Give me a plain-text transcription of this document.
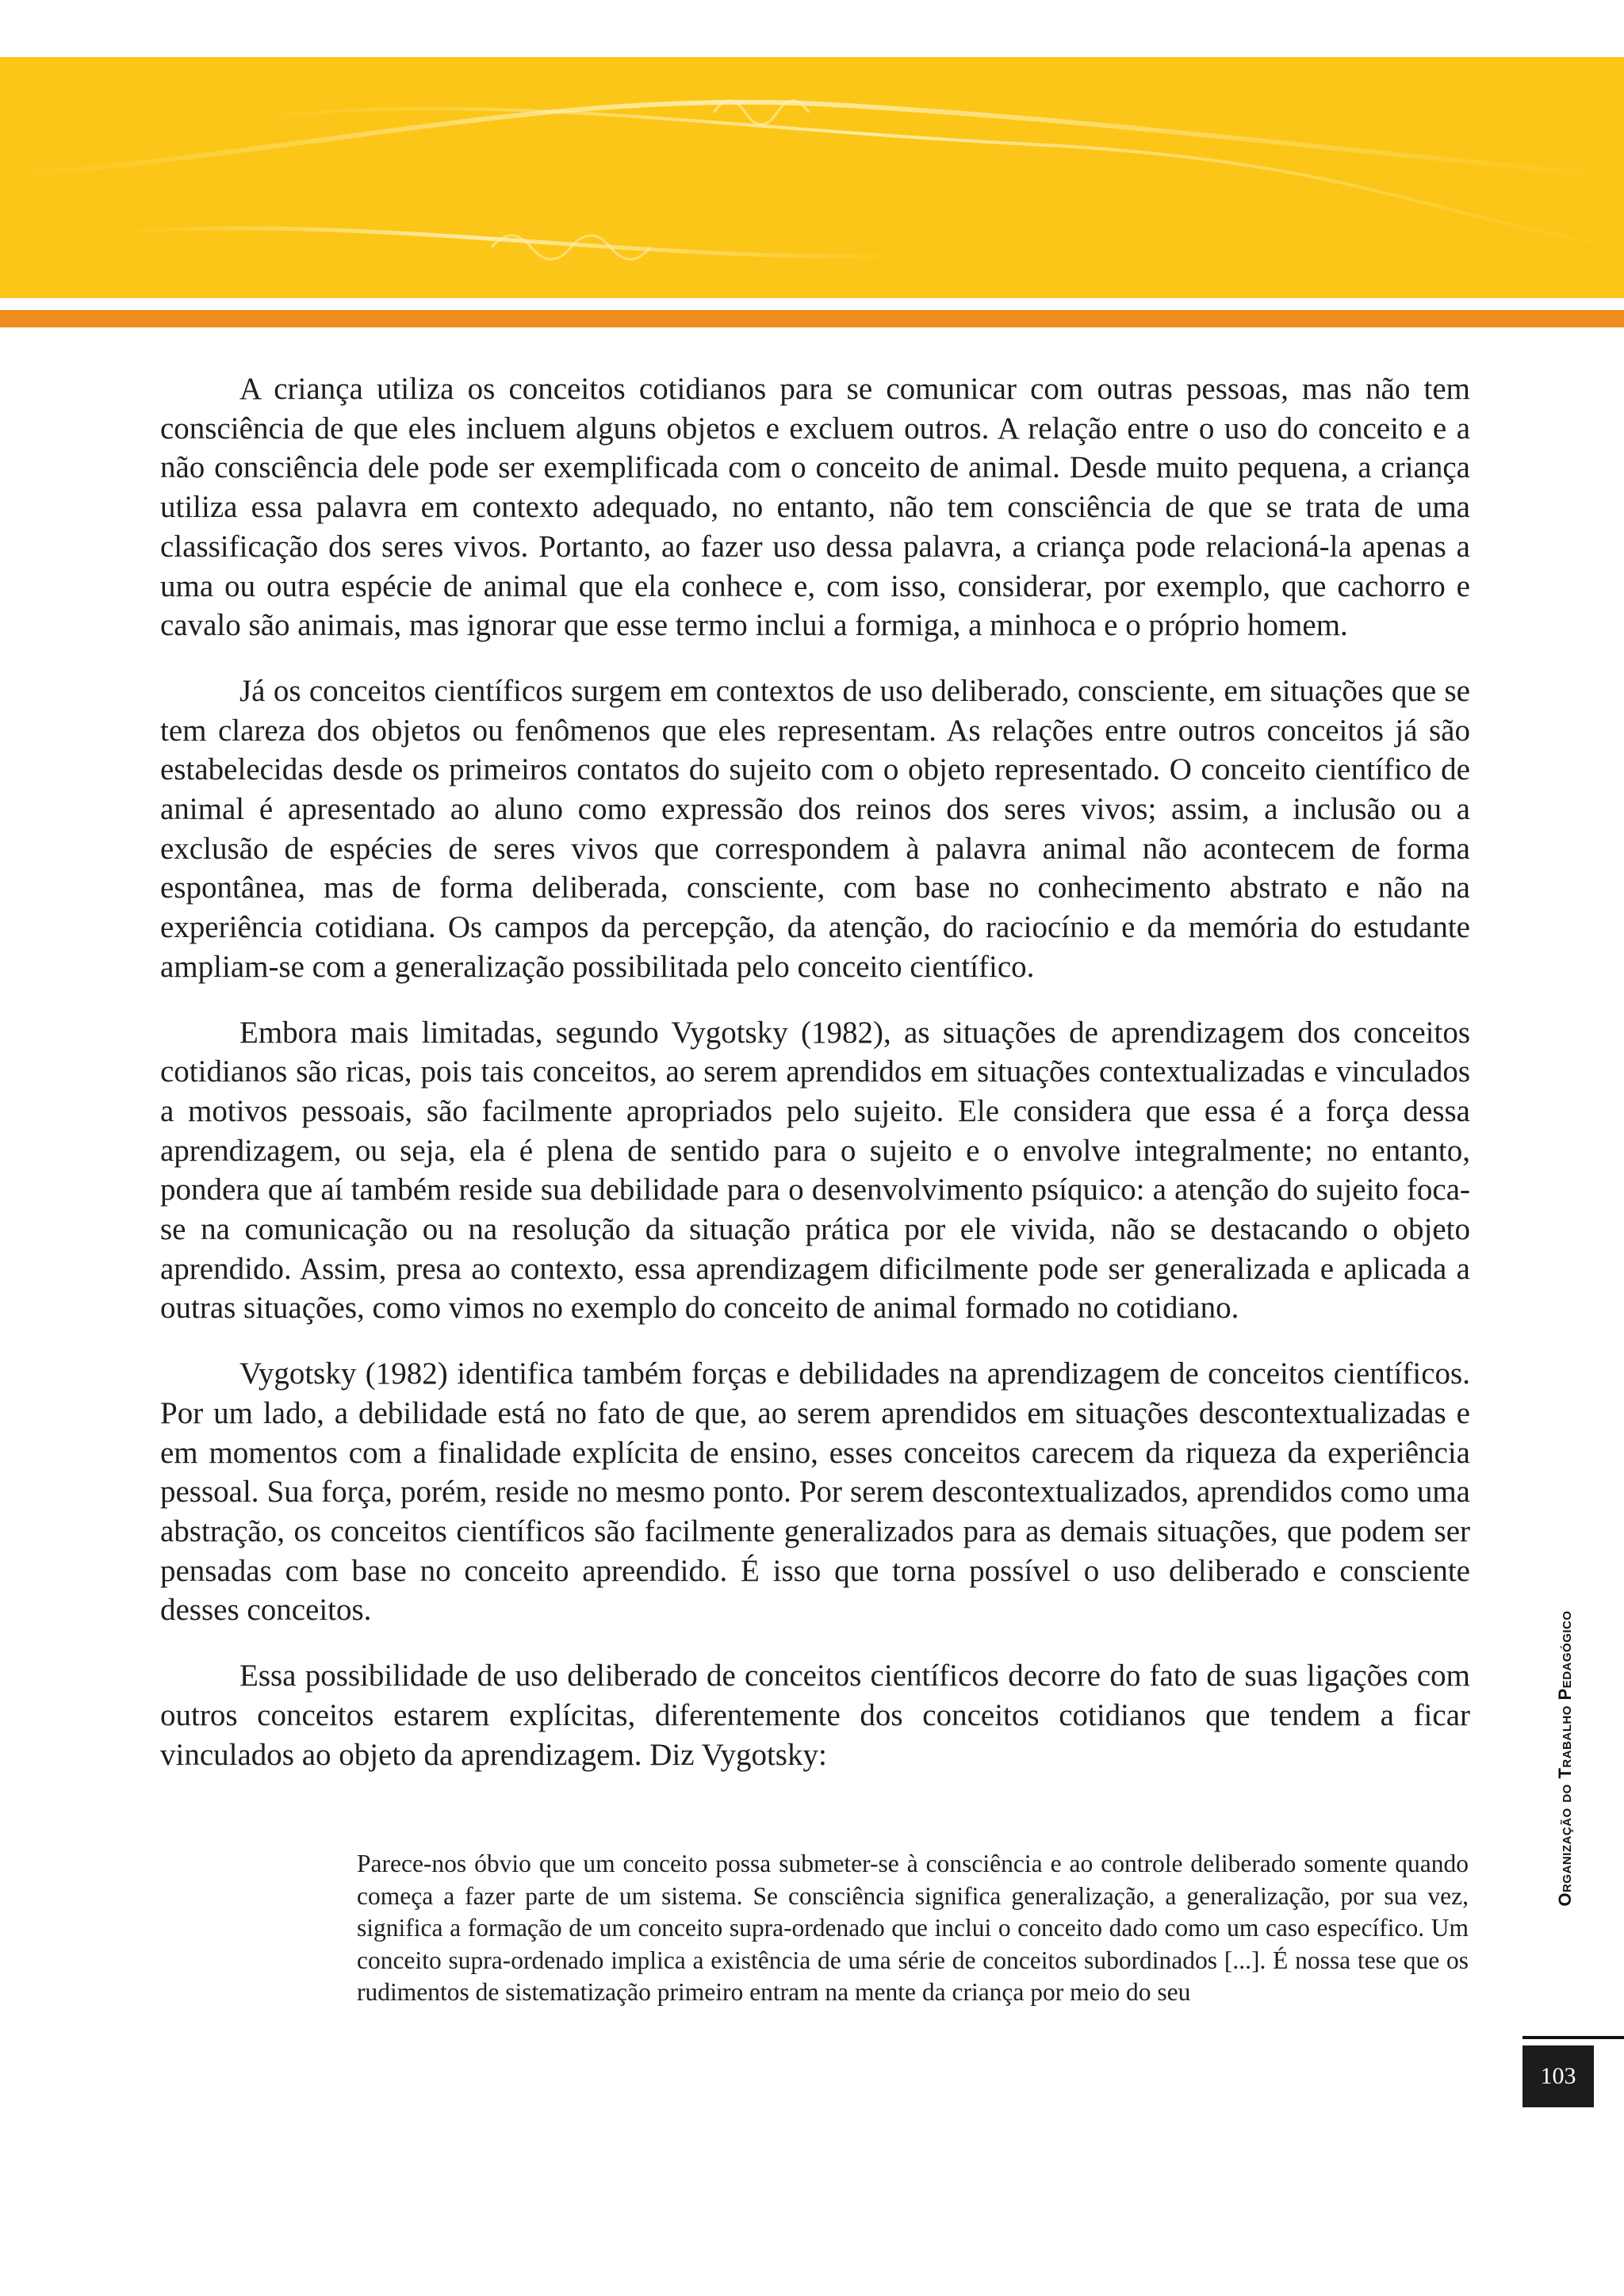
A criança utiliza os conceitos cotidianos para se comunicar com outras pessoas, mas não tem consciência de que eles incluem alguns objetos e excluem outros. A relação entre o uso do conceito e a não consciência dele pode ser exemplificada com o conceito de animal. Desde muito pequena, a criança utiliza essa palavra em contexto adequado, no entanto, não tem consciência de que se trata de uma classificação dos seres vivos. Portanto, ao fazer uso dessa palavra, a criança pode relacioná-la apenas a uma ou outra espécie de animal que ela conhece e, com isso, considerar, por exemplo, que cachorro e cavalo são animais, mas ignorar que esse termo inclui a formiga, a minhoca e o próprio homem.

Já os conceitos científicos surgem em contextos de uso deliberado, consciente, em situações que se tem clareza dos objetos ou fenômenos que eles representam. As relações entre outros conceitos já são estabelecidas desde os primeiros contatos do sujeito com o objeto representado. O conceito científico de animal é apresentado ao aluno como expressão dos reinos dos seres vivos; assim, a inclusão ou a exclusão de espécies de seres vivos que correspondem à palavra animal não acontecem de forma espontânea, mas de forma deliberada, consciente, com base no conhecimento abstrato e não na experiência cotidiana. Os campos da percepção, da atenção, do raciocínio e da memória do estudante ampliam-se com a generalização possibilitada pelo conceito científico.

Embora mais limitadas, segundo Vygotsky (1982), as situações de aprendizagem dos conceitos cotidianos são ricas, pois tais conceitos, ao serem aprendidos em situações contextualizadas e vinculados a motivos pessoais, são facilmente apropriados pelo sujeito. Ele considera que essa é a força dessa aprendizagem, ou seja, ela é plena de sentido para o sujeito e o envolve integralmente; no entanto, pondera que aí também reside sua debilidade para o desenvolvimento psíquico: a atenção do sujeito foca-se na comunicação ou na resolução da situação prática por ele vivida, não se destacando o objeto aprendido. Assim, presa ao contexto, essa aprendizagem dificilmente pode ser generalizada e aplicada a outras situações, como vimos no exemplo do conceito de animal formado no cotidiano.

Vygotsky (1982) identifica também forças e debilidades na aprendizagem de conceitos científicos. Por um lado, a debilidade está no fato de que, ao serem aprendidos em situações descontextualizadas e em momentos com a finalidade explícita de ensino, esses conceitos carecem da riqueza da experiência pessoal. Sua força, porém, reside no mesmo ponto. Por serem descontextualizados, aprendidos como uma abstração, os conceitos científicos são facilmente generalizados para as demais situações, que podem ser pensadas com base no conceito apreendido. É isso que torna possível o uso deliberado e consciente desses conceitos.

Essa possibilidade de uso deliberado de conceitos científicos decorre do fato de suas ligações com outros conceitos estarem explícitas, diferentemente dos conceitos cotidianos que tendem a ficar vinculados ao objeto da aprendizagem. Diz Vygotsky:

Parece-nos óbvio que um conceito possa submeter-se à consciência e ao controle deliberado somente quando começa a fazer parte de um sistema. Se consciência significa generalização, a generalização, por sua vez, significa a formação de um conceito supra-ordenado que inclui o conceito dado como um caso específico. Um conceito supra-ordenado implica a existência de uma série de conceitos subordinados [...]. É nossa tese que os rudimentos de sistematização primeiro entram na mente da criança por meio do seu

Organização do Trabalho Pedagógico
103
